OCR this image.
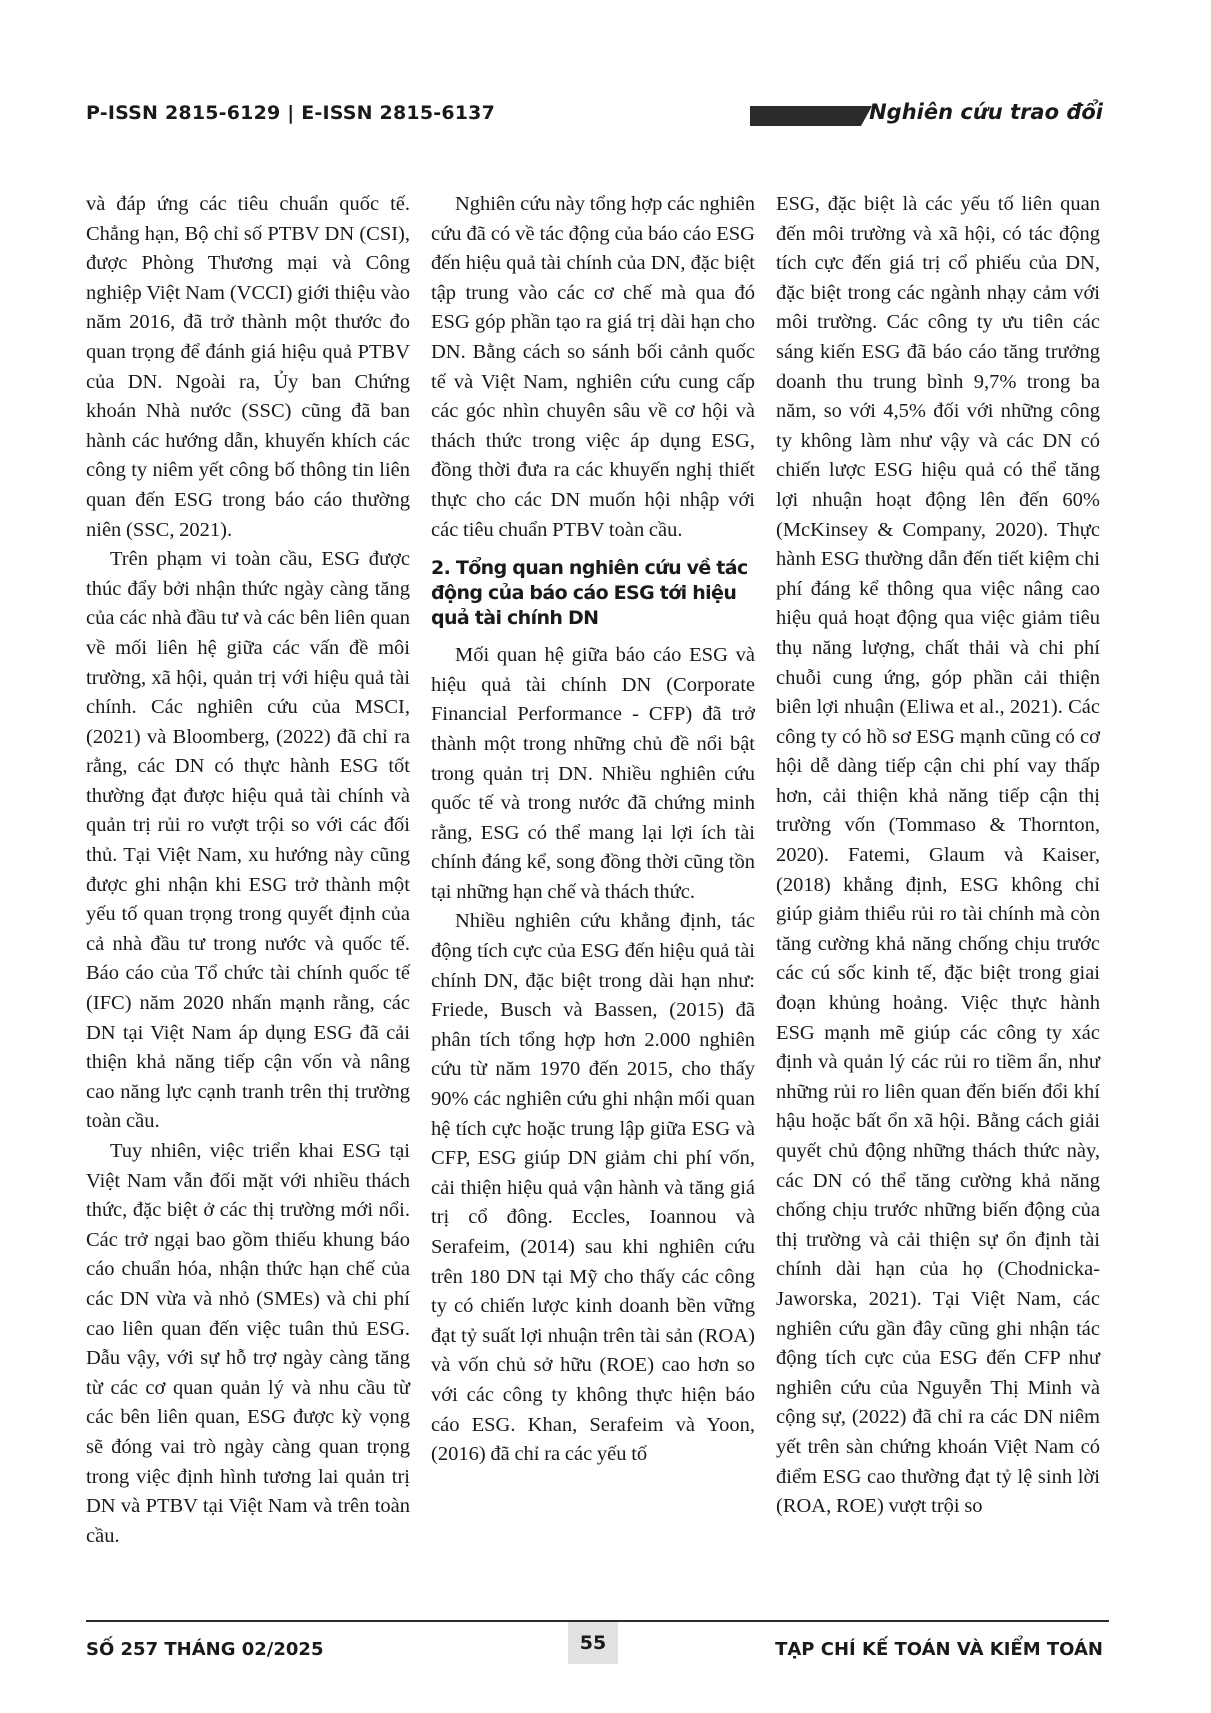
P-ISSN 2815-6129 | E-ISSN 2815-6137	Nghiên cứu trao đổi

và đáp ứng các tiêu chuẩn quốc tế. Chẳng hạn, Bộ chỉ số PTBV DN (CSI), được Phòng Thương mại và Công nghiệp Việt Nam (VCCI) giới thiệu vào năm 2016, đã trở thành một thước đo quan trọng để đánh giá hiệu quả PTBV của DN. Ngoài ra, Ủy ban Chứng khoán Nhà nước (SSC) cũng đã ban hành các hướng dẫn, khuyến khích các công ty niêm yết công bố thông tin liên quan đến ESG trong báo cáo thường niên (SSC, 2021).

Trên phạm vi toàn cầu, ESG được thúc đẩy bởi nhận thức ngày càng tăng của các nhà đầu tư và các bên liên quan về mối liên hệ giữa các vấn đề môi trường, xã hội, quản trị với hiệu quả tài chính. Các nghiên cứu của MSCI, (2021) và Bloomberg, (2022) đã chỉ ra rằng, các DN có thực hành ESG tốt thường đạt được hiệu quả tài chính và quản trị rủi ro vượt trội so với các đối thủ. Tại Việt Nam, xu hướng này cũng được ghi nhận khi ESG trở thành một yếu tố quan trọng trong quyết định của cả nhà đầu tư trong nước và quốc tế. Báo cáo của Tổ chức tài chính quốc tế (IFC) năm 2020 nhấn mạnh rằng, các DN tại Việt Nam áp dụng ESG đã cải thiện khả năng tiếp cận vốn và nâng cao năng lực cạnh tranh trên thị trường toàn cầu.

Tuy nhiên, việc triển khai ESG tại Việt Nam vẫn đối mặt với nhiều thách thức, đặc biệt ở các thị trường mới nổi. Các trở ngại bao gồm thiếu khung báo cáo chuẩn hóa, nhận thức hạn chế của các DN vừa và nhỏ (SMEs) và chi phí cao liên quan đến việc tuân thủ ESG. Dẫu vậy, với sự hỗ trợ ngày càng tăng từ các cơ quan quản lý và nhu cầu từ các bên liên quan, ESG được kỳ vọng sẽ đóng vai trò ngày càng quan trọng trong việc định hình tương lai quản trị DN và PTBV tại Việt Nam và trên toàn cầu.

Nghiên cứu này tổng hợp các nghiên cứu đã có về tác động của báo cáo ESG đến hiệu quả tài chính của DN, đặc biệt tập trung vào các cơ chế mà qua đó ESG góp phần tạo ra giá trị dài hạn cho DN. Bằng cách so sánh bối cảnh quốc tế và Việt Nam, nghiên cứu cung cấp các góc nhìn chuyên sâu về cơ hội và thách thức trong việc áp dụng ESG, đồng thời đưa ra các khuyến nghị thiết thực cho các DN muốn hội nhập với các tiêu chuẩn PTBV toàn cầu.

2. Tổng quan nghiên cứu về tác động của báo cáo ESG tới hiệu quả tài chính DN

Mối quan hệ giữa báo cáo ESG và hiệu quả tài chính DN (Corporate Financial Performance - CFP) đã trở thành một trong những chủ đề nổi bật trong quản trị DN. Nhiều nghiên cứu quốc tế và trong nước đã chứng minh rằng, ESG có thể mang lại lợi ích tài chính đáng kể, song đồng thời cũng tồn tại những hạn chế và thách thức.

Nhiều nghiên cứu khẳng định, tác động tích cực của ESG đến hiệu quả tài chính DN, đặc biệt trong dài hạn như: Friede, Busch và Bassen, (2015) đã phân tích tổng hợp hơn 2.000 nghiên cứu từ năm 1970 đến 2015, cho thấy 90% các nghiên cứu ghi nhận mối quan hệ tích cực hoặc trung lập giữa ESG và CFP, ESG giúp DN giảm chi phí vốn, cải thiện hiệu quả vận hành và tăng giá trị cổ đông. Eccles, Ioannou và Serafeim, (2014) sau khi nghiên cứu trên 180 DN tại Mỹ cho thấy các công ty có chiến lược kinh doanh bền vững đạt tỷ suất lợi nhuận trên tài sản (ROA) và vốn chủ sở hữu (ROE) cao hơn so với các công ty không thực hiện báo cáo ESG. Khan, Serafeim và Yoon, (2016) đã chỉ ra các yếu tố

ESG, đặc biệt là các yếu tố liên quan đến môi trường và xã hội, có tác động tích cực đến giá trị cổ phiếu của DN, đặc biệt trong các ngành nhạy cảm với môi trường. Các công ty ưu tiên các sáng kiến ESG đã báo cáo tăng trưởng doanh thu trung bình 9,7% trong ba năm, so với 4,5% đối với những công ty không làm như vậy và các DN có chiến lược ESG hiệu quả có thể tăng lợi nhuận hoạt động lên đến 60% (McKinsey & Company, 2020). Thực hành ESG thường dẫn đến tiết kiệm chi phí đáng kể thông qua việc nâng cao hiệu quả hoạt động qua việc giảm tiêu thụ năng lượng, chất thải và chi phí chuỗi cung ứng, góp phần cải thiện biên lợi nhuận (Eliwa et al., 2021). Các công ty có hồ sơ ESG mạnh cũng có cơ hội dễ dàng tiếp cận chi phí vay thấp hơn, cải thiện khả năng tiếp cận thị trường vốn (Tommaso & Thornton, 2020). Fatemi, Glaum và Kaiser, (2018) khẳng định, ESG không chỉ giúp giảm thiểu rủi ro tài chính mà còn tăng cường khả năng chống chịu trước các cú sốc kinh tế, đặc biệt trong giai đoạn khủng hoảng. Việc thực hành ESG mạnh mẽ giúp các công ty xác định và quản lý các rủi ro tiềm ẩn, như những rủi ro liên quan đến biến đổi khí hậu hoặc bất ổn xã hội. Bằng cách giải quyết chủ động những thách thức này, các DN có thể tăng cường khả năng chống chịu trước những biến động của thị trường và cải thiện sự ổn định tài chính dài hạn của họ (Chodnicka-Jaworska, 2021). Tại Việt Nam, các nghiên cứu gần đây cũng ghi nhận tác động tích cực của ESG đến CFP như nghiên cứu của Nguyễn Thị Minh và cộng sự, (2022) đã chỉ ra các DN niêm yết trên sàn chứng khoán Việt Nam có điểm ESG cao thường đạt tỷ lệ sinh lời (ROA, ROE) vượt trội so

SỐ 257 THÁNG 02/2025	55	TẠP CHÍ KẾ TOÁN VÀ KIỂM TOÁN
